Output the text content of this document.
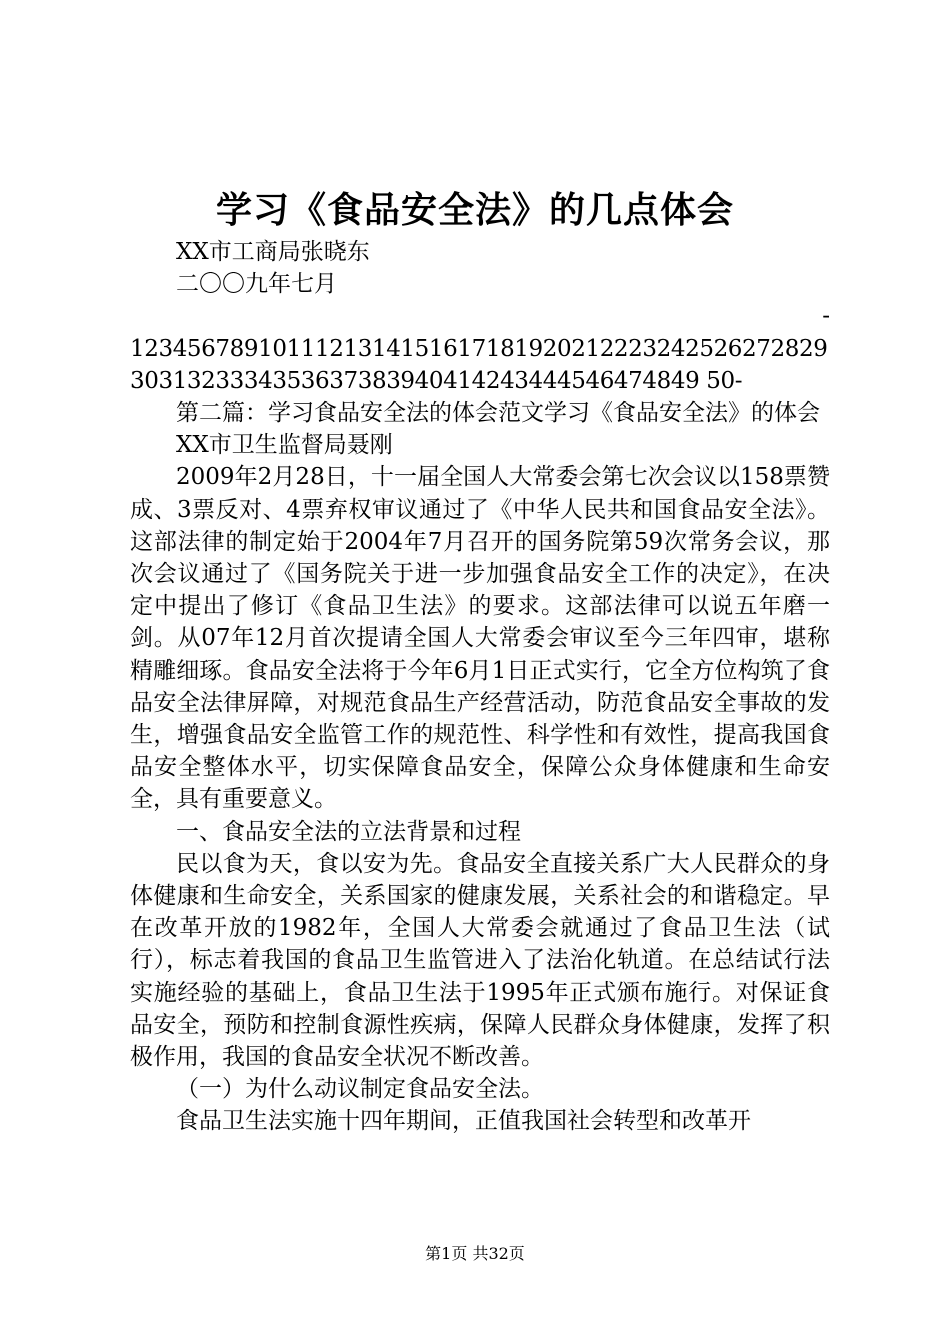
学习《食品安全法》的几点体会

XX市工商局张晓东

二〇〇九年七月

-

12345678910111213141516171819202122232425262728293031323334353637383940414243444546474849 50-

第二篇：学习食品安全法的体会范文学习《食品安全法》的体会

XX市卫生监督局聂刚

2009年2月28日，十一届全国人大常委会第七次会议以158票赞成、3票反对、4票弃权审议通过了《中华人民共和国食品安全法》。这部法律的制定始于2004年7月召开的国务院第59次常务会议，那次会议通过了《国务院关于进一步加强食品安全工作的决定》，在决定中提出了修订《食品卫生法》的要求。这部法律可以说五年磨一剑。从07年12月首次提请全国人大常委会审议至今三年四审，堪称精雕细琢。食品安全法将于今年6月1日正式实行，它全方位构筑了食品安全法律屏障，对规范食品生产经营活动，防范食品安全事故的发生，增强食品安全监管工作的规范性、科学性和有效性，提高我国食品安全整体水平，切实保障食品安全，保障公众身体健康和生命安全，具有重要意义。

一、食品安全法的立法背景和过程

民以食为天，食以安为先。食品安全直接关系广大人民群众的身体健康和生命安全，关系国家的健康发展，关系社会的和谐稳定。早在改革开放的1982年，全国人大常委会就通过了食品卫生法（试行），标志着我国的食品卫生监管进入了法治化轨道。在总结试行法实施经验的基础上，食品卫生法于1995年正式颁布施行。对保证食品安全，预防和控制食源性疾病，保障人民群众身体健康，发挥了积极作用，我国的食品安全状况不断改善。

（一）为什么动议制定食品安全法。

食品卫生法实施十四年期间，正值我国社会转型和改革开

第1页 共32页
